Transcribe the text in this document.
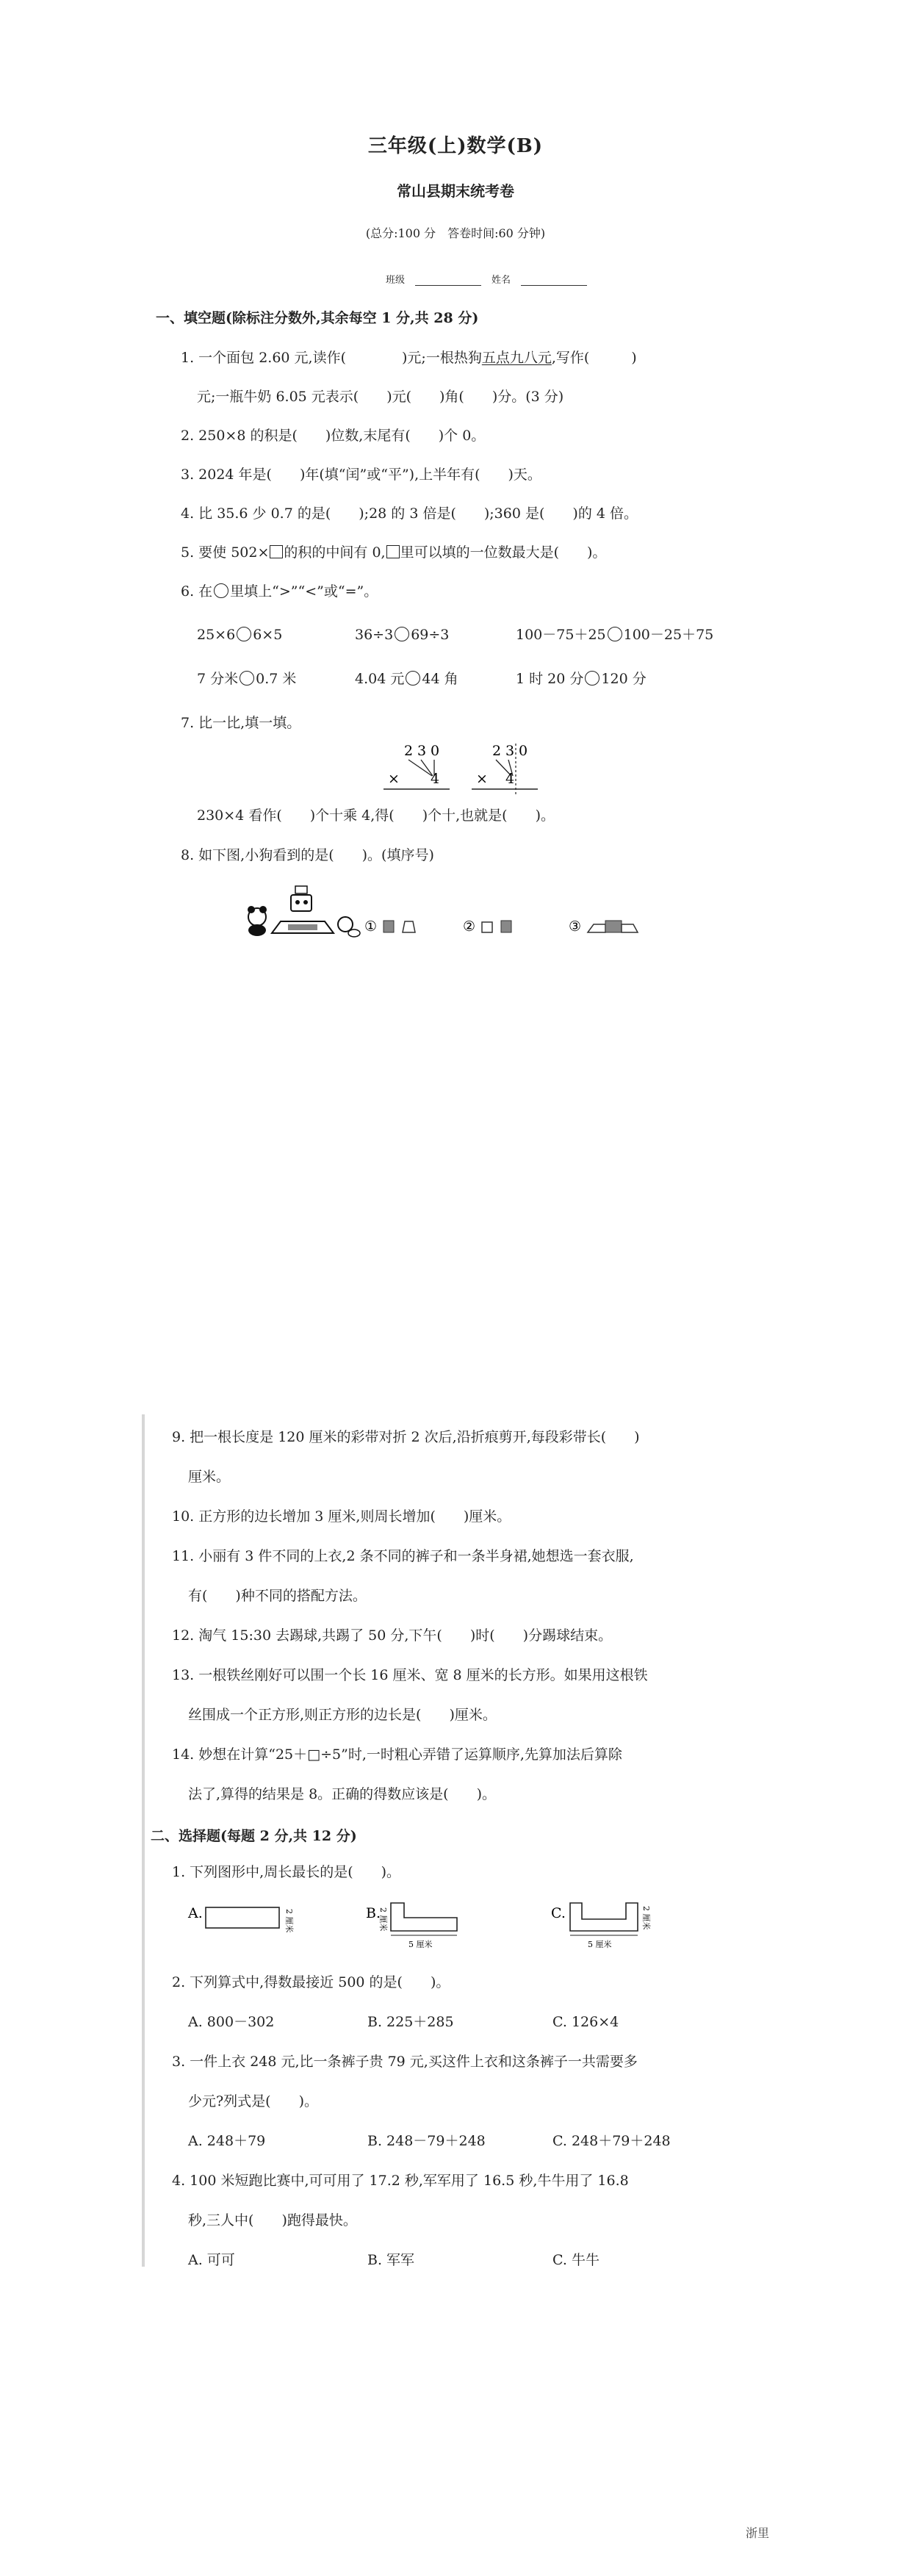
三年级(上)数学(B)
常山县期末统考卷
(总分:100 分　答卷时间:60 分钟)
班级	姓名
一、填空题(除标注分数外,其余每空 1 分,共 28 分)
1. 一个面包 2.60 元,读作(　　　　)元;一根热狗五点九八元,写作(　　　)
元;一瓶牛奶 6.05 元表示(　　)元(　　)角(　　)分。(3 分)
2. 250×8 的积是(　　)位数,末尾有(　　)个 0。
3. 2024 年是(　　)年(填“闰”或“平”),上半年有(　　)天。
4. 比 35.6 少 0.7 的是(　　);28 的 3 倍是(　　);360 是(　　)的 4 倍。
5. 要使 502× 的积的中间有 0, 里可以填的一位数最大是(　　)。
6. 在 里填上“>”“<”或“=”。
25×6 6×5	36÷3 69÷3	100－75＋25 100－25＋75
7 分米 0.7 米	4.04 元 44 角	1 时 20 分 120 分
7. 比一比,填一填。
2 3 0
× 4
2 3 0
× 4
230×4 看作(　　)个十乘 4,得(　　)个十,也就是(　　)。
8. 如下图,小狗看到的是(　　)。(填序号)
①	②	③
9. 把一根长度是 120 厘米的彩带对折 2 次后,沿折痕剪开,每段彩带长(　　)
厘米。
10. 正方形的边长增加 3 厘米,则周长增加(　　)厘米。
11. 小丽有 3 件不同的上衣,2 条不同的裤子和一条半身裙,她想选一套衣服,
有(　　)种不同的搭配方法。
12. 淘气 15:30 去踢球,共踢了 50 分,下午(　　)时(　　)分踢球结束。
13. 一根铁丝刚好可以围一个长 16 厘米、宽 8 厘米的长方形。如果用这根铁
丝围成一个正方形,则正方形的边长是(　　)厘米。
14. 妙想在计算“25＋□÷5”时,一时粗心弄错了运算顺序,先算加法后算除
法了,算得的结果是 8。正确的得数应该是(　　)。
二、选择题(每题 2 分,共 12 分)
1. 下列图形中,周长最长的是(　　)。
A.	2 厘米	B.
2 厘米
5 厘米
C.	2 厘米
5 厘米
2. 下列算式中,得数最接近 500 的是(　　)。
A. 800－302	B. 225＋285	C. 126×4
3. 一件上衣 248 元,比一条裤子贵 79 元,买这件上衣和这条裤子一共需要多
少元?列式是(　　)。
A. 248＋79	B. 248－79＋248	C. 248＋79＋248
4. 100 米短跑比赛中,可可用了 17.2 秒,军军用了 16.5 秒,牛牛用了 16.8
秒,三人中(　　)跑得最快。
A. 可可	B. 军军	C. 牛牛
浙里
